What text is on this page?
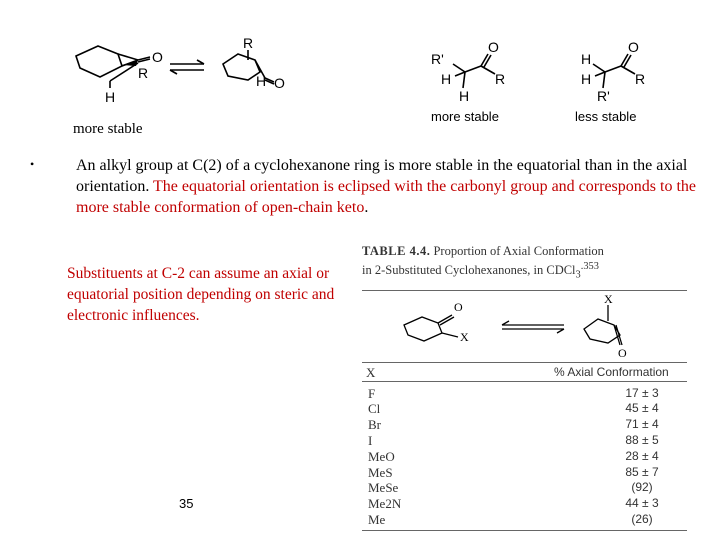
O
R
H
R
H O
R'
H
H
O
R
more stable
H
H
R'
O
R
less stable
more stable
•	An alkyl group at C(2) of a cyclohexanone ring is more stable in the equatorial than in the axial orientation. The equatorial orientation is eclipsed with the carbonyl group and corresponds to the more stable conformation of open-chain keto.
Substituents at C-2 can assume an axial or equatorial position depending on steric and electronic influences.
35
TABLE 4.4. Proportion of Axial Conformation
in 2-Substituted Cyclohexanones, in CDCl$_3^{.353}$
O
X
X
O
X	% Axial Conformation
F	17 ± 3
Cl	45 ± 4
Br	71 ± 4
I	88 ± 5
MeO	28 ± 4
MeS	85 ± 7
MeSe	(92)
Me2N	44 ± 3
Me	(26)
